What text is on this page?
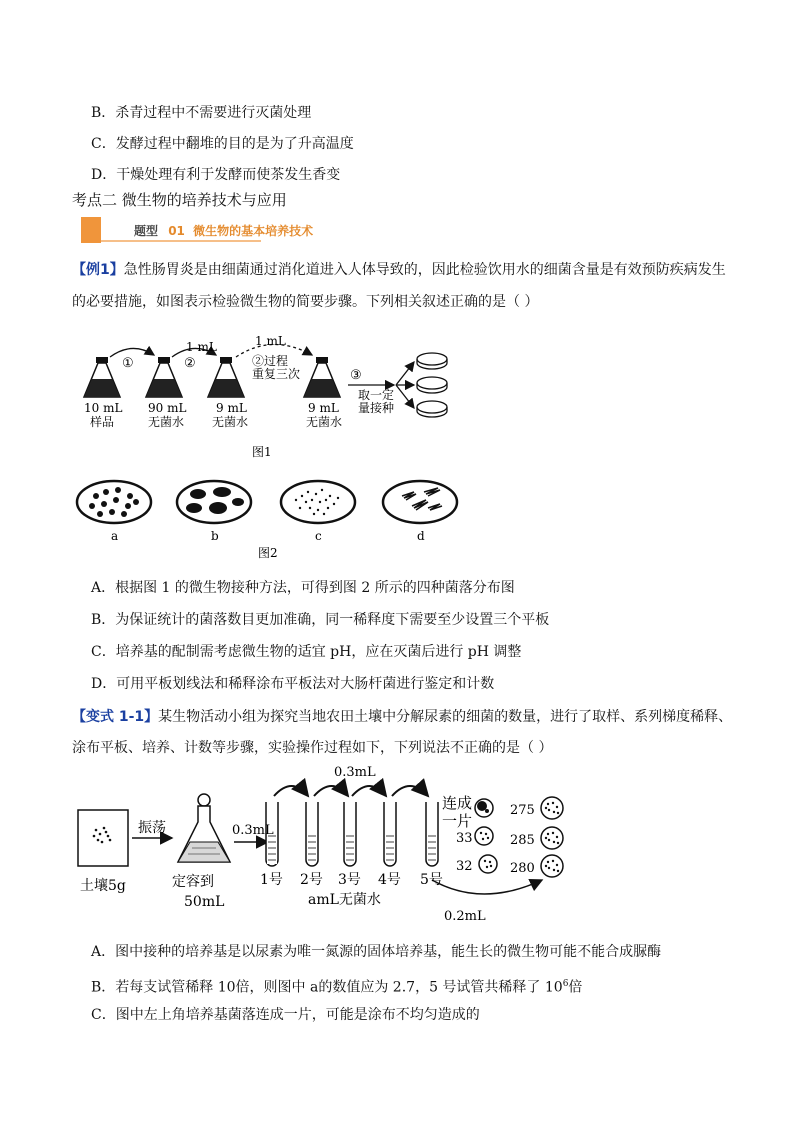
B．杀青过程中不需要进行灭菌处理
C．发酵过程中翻堆的目的是为了升高温度
D．干燥处理有利于发酵而使茶发生香变
考点二 微生物的培养技术与应用
题型 01 微生物的基本培养技术
【例1】急性肠胃炎是由细菌通过消化道进入人体导致的，因此检验饮用水的细菌含量是有效预防疾病发生
的必要措施，如图表示检验微生物的简要步骤。下列相关叙述正确的是（ ）
①	②
③
1 mL	1 mL
②过程
重复三次
取一定
量接种
10 mL
样品
90 mL
无菌水
9 mL
无菌水
9 mL
无菌水
图1
a	b	c	d
图2
A．根据图 1 的微生物接种方法，可得到图 2 所示的四种菌落分布图
B．为保证统计的菌落数目更加准确，同一稀释度下需要至少设置三个平板
C．培养基的配制需考虑微生物的适宜 pH，应在灭菌后进行 pH 调整
D．可用平板划线法和稀释涂布平板法对大肠杆菌进行鉴定和计数
【变式 1-1】某生物活动小组为探究当地农田土壤中分解尿素的细菌的数量，进行了取样、系列梯度稀释、
涂布平板、培养、计数等步骤，实验操作过程如下，下列说法不正确的是（ ）
土壤5g
振荡
定容到
50mL
0.3mL
0.3mL
1号 2号 3号 4号 5号
amL无菌水
0.2mL
连成
一片
33
32
275
285
280
A．图中接种的培养基是以尿素为唯一氮源的固体培养基，能生长的微生物可能不能合成脲酶
B．若每支试管稀释 10倍，则图中 a的数值应为 2.7，5 号试管共稀释了 $10^6$倍
C．图中左上角培养基菌落连成一片，可能是涂布不均匀造成的
